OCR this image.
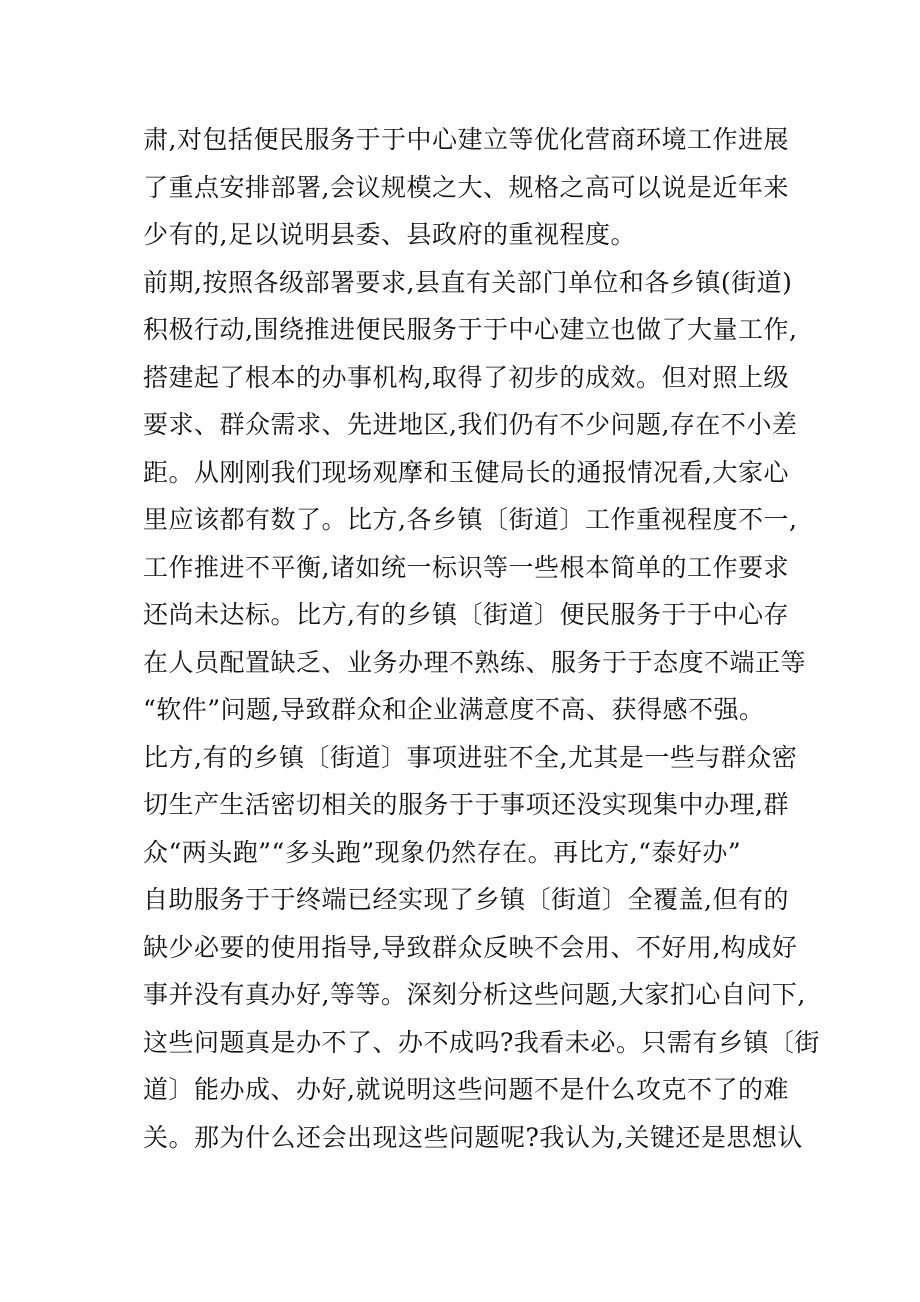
肃,对包括便民服务于于中心建立等优化营商环境工作进展
了重点安排部署,会议规模之大、规格之高可以说是近年来
少有的,足以说明县委、县政府的重视程度。
前期,按照各级部署要求,县直有关部门单位和各乡镇(街道)
积极行动,围绕推进便民服务于于中心建立也做了大量工作,
搭建起了根本的办事机构,取得了初步的成效。但对照上级
要求、群众需求、先进地区,我们仍有不少问题,存在不小差
距。从刚刚我们现场观摩和玉健局长的通报情况看,大家心
里应该都有数了。比方,各乡镇〔街道〕工作重视程度不一,
工作推进不平衡,诸如统一标识等一些根本简单的工作要求
还尚未达标。比方,有的乡镇〔街道〕便民服务于于中心存
在人员配置缺乏、业务办理不熟练、服务于于态度不端正等
“软件”问题,导致群众和企业满意度不高、获得感不强。
比方,有的乡镇〔街道〕事项进驻不全,尤其是一些与群众密
切生产生活密切相关的服务于于事项还没实现集中办理,群
众“两头跑”“多头跑”现象仍然存在。再比方,“泰好办”
自助服务于于终端已经实现了乡镇〔街道〕全覆盖,但有的
缺少必要的使用指导,导致群众反映不会用、不好用,构成好
事并没有真办好,等等。深刻分析这些问题,大家扪心自问下,
这些问题真是办不了、办不成吗?我看未必。只需有乡镇〔街
道〕能办成、办好,就说明这些问题不是什么攻克不了的难
关。那为什么还会出现这些问题呢?我认为,关键还是思想认
